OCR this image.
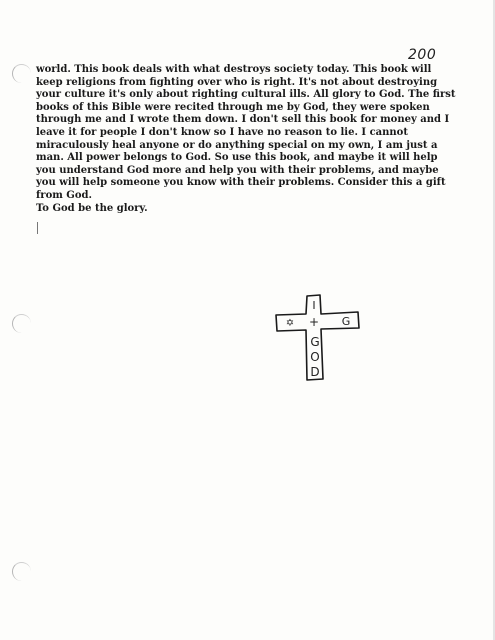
200

world. This book deals with what destroys society today. This book will keep religions from fighting over who is right. It's not about destroying your culture it's only about righting cultural ills. All glory to God. The first books of this Bible were recited through me by God, they were spoken through me and I wrote them down. I don't sell this book for money and I leave it for people I don't know so I have no reason to lie. I cannot miraculously heal anyone or do anything special on my own, I am just a man. All power belongs to God. So use this book, and maybe it will help you understand God more and help you with their problems, and maybe you will help someone you know with their problems. Consider this a gift from God.

To God be the glory.

I
+
✡	G
G
O
D
